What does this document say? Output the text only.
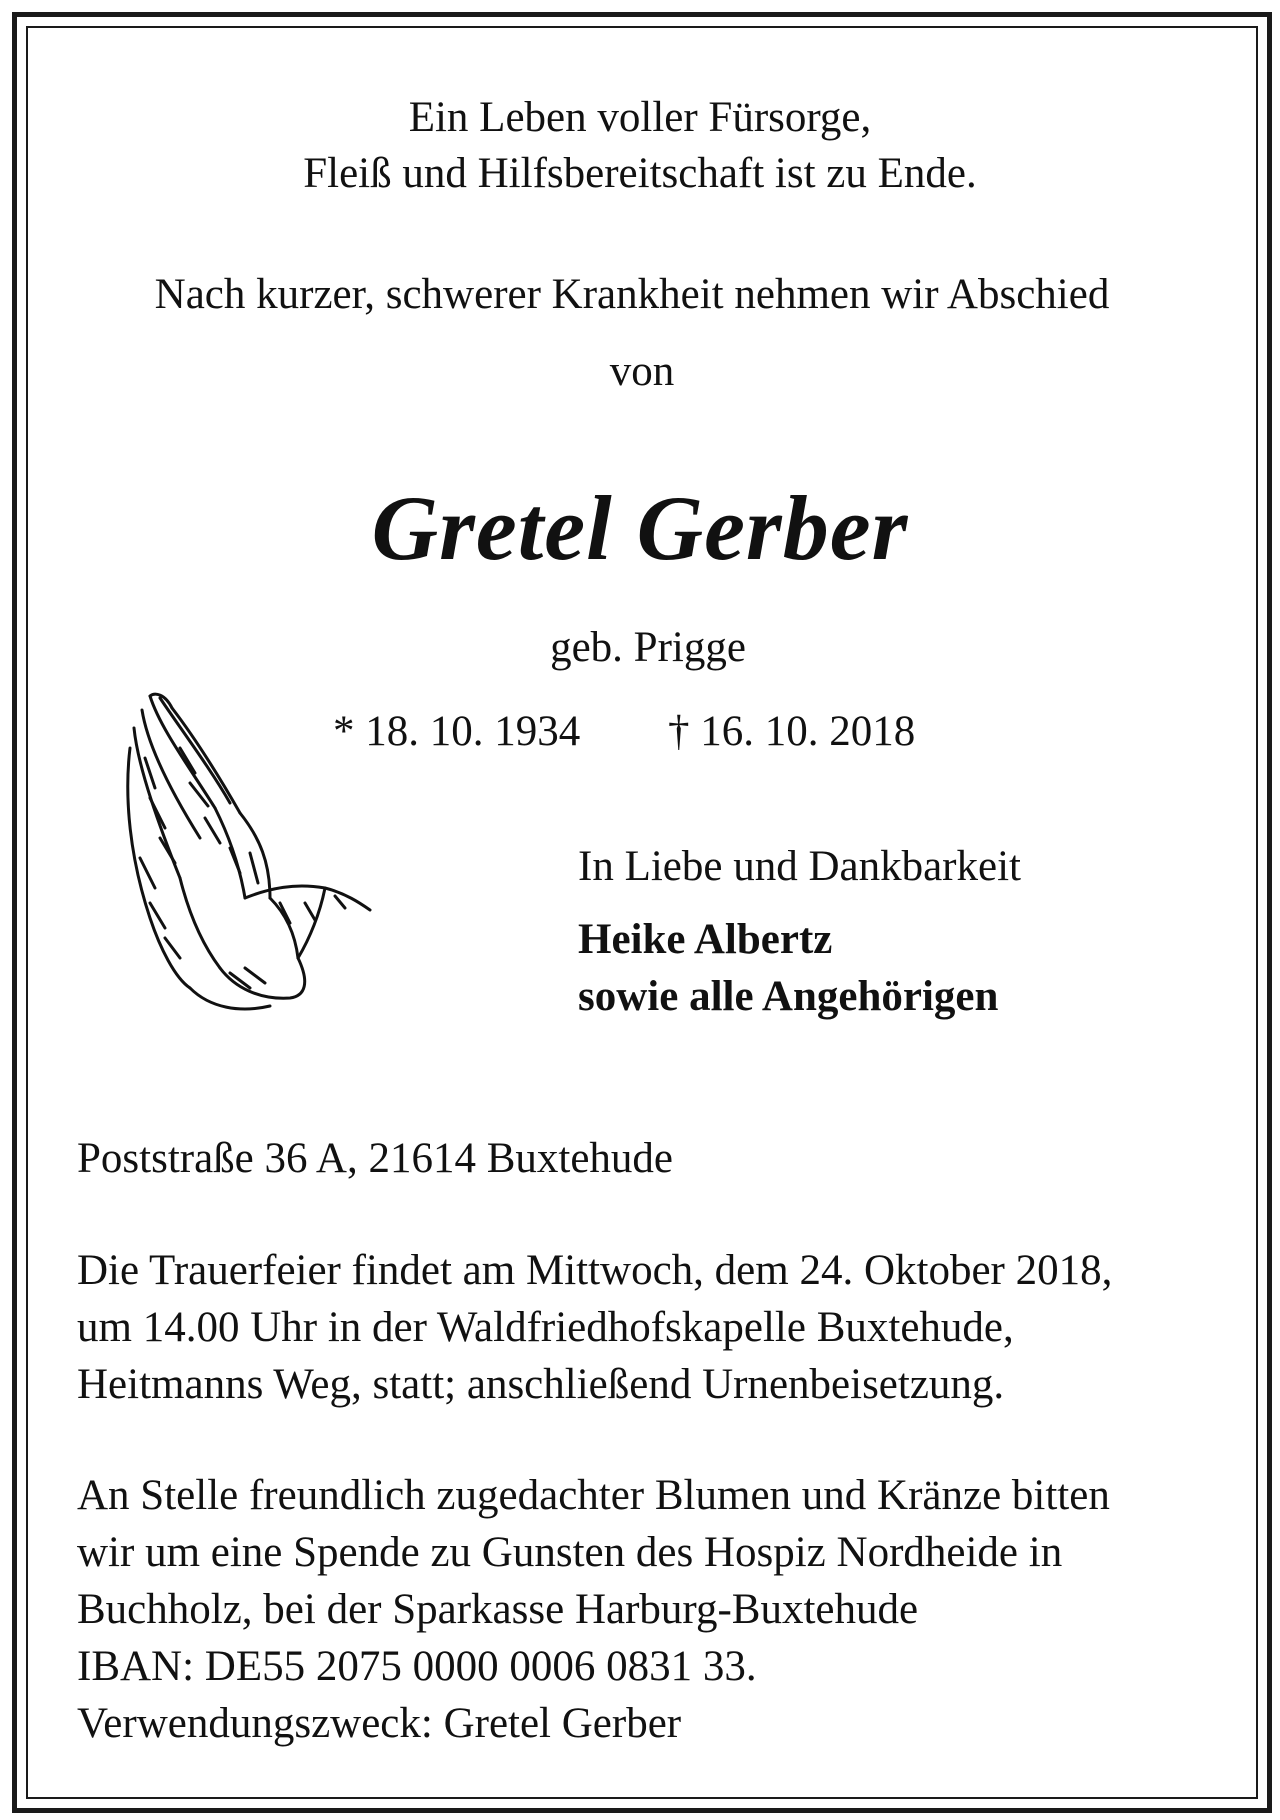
Ein Leben voller Fürsorge,
Fleiß und Hilfsbereitschaft ist zu Ende.
Nach kurzer, schwerer Krankheit nehmen wir Abschied
von
Gretel Gerber
geb. Prigge
* 18. 10. 1934 † 16. 10. 2018
In Liebe und Dankbarkeit
Heike Albertz
sowie alle Angehörigen
Poststraße 36 A, 21614 Buxtehude
Die Trauerfeier findet am Mittwoch, dem 24. Oktober 2018,
um 14.00 Uhr in der Waldfriedhofskapelle Buxtehude,
Heitmanns Weg, statt; anschließend Urnenbeisetzung.
An Stelle freundlich zugedachter Blumen und Kränze bitten
wir um eine Spende zu Gunsten des Hospiz Nordheide in
Buchholz, bei der Sparkasse Harburg-Buxtehude
IBAN: DE55 2075 0000 0006 0831 33.
Verwendungszweck: Gretel Gerber
